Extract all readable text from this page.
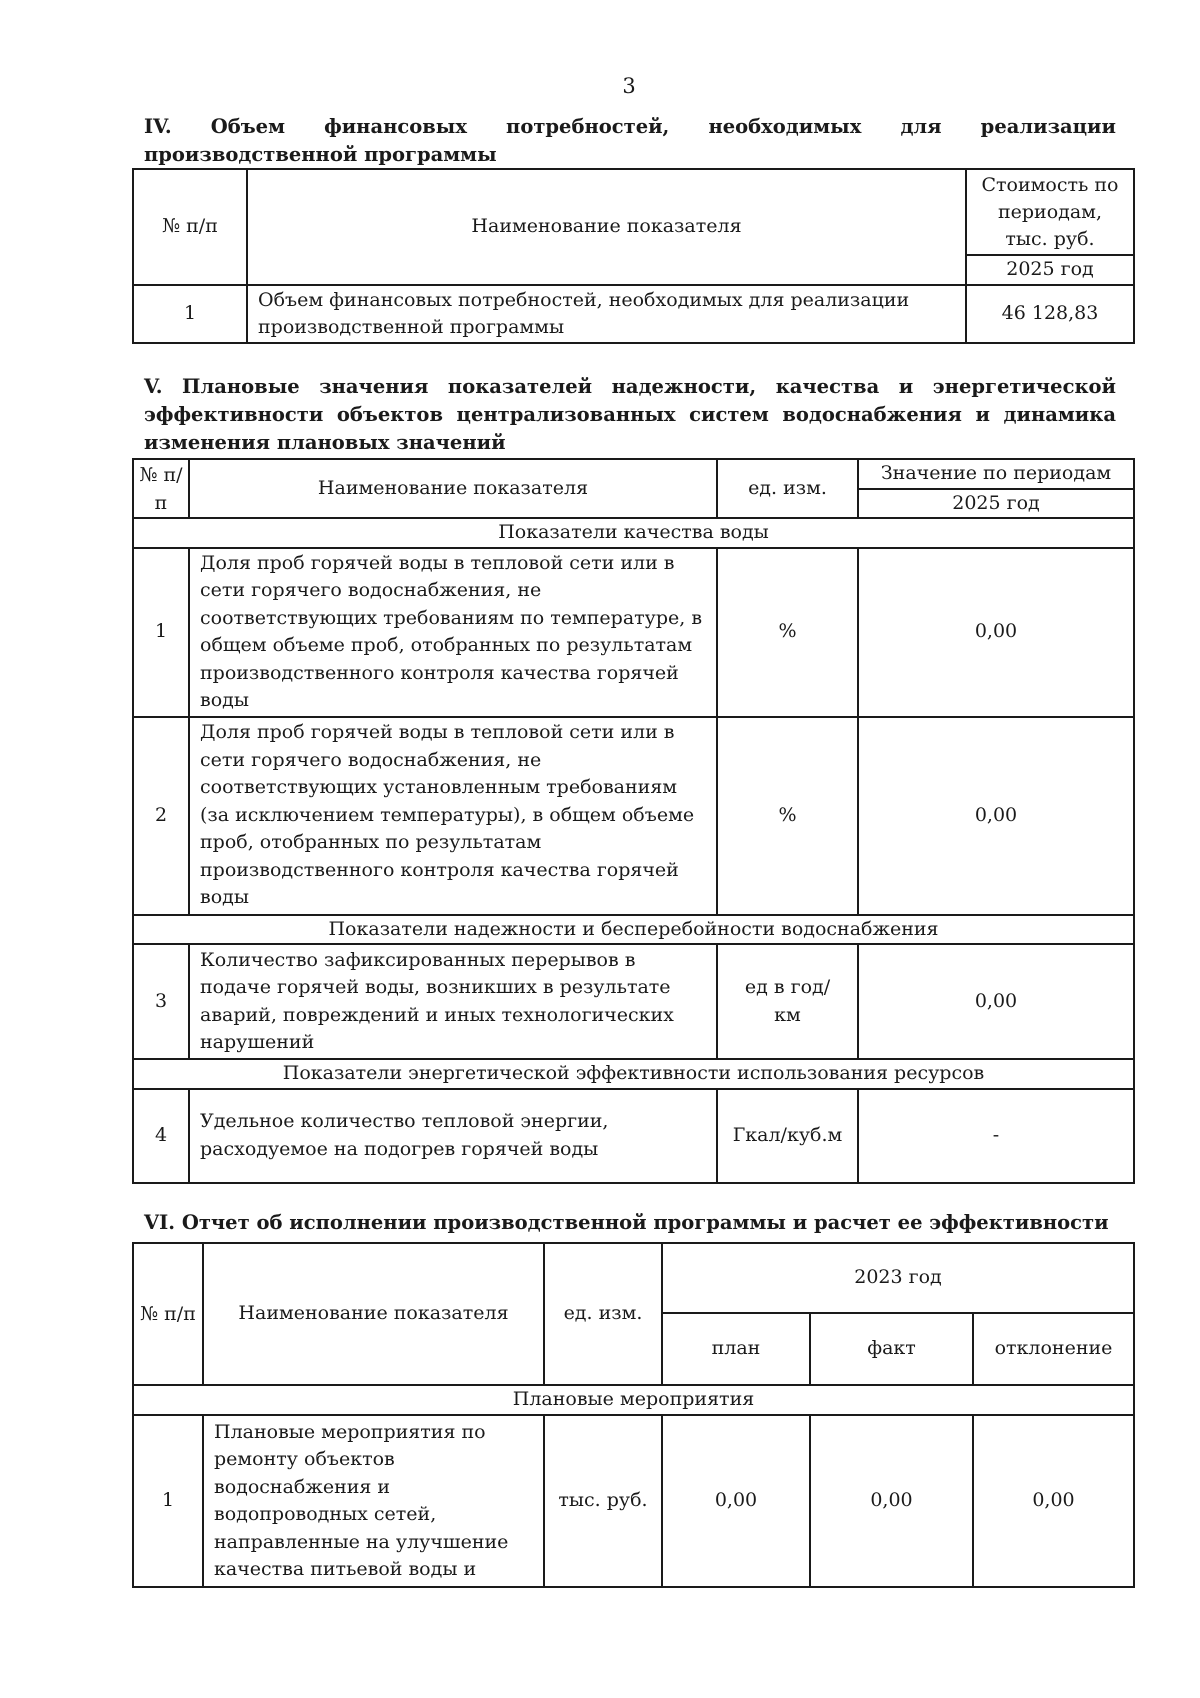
3
IV. Объем финансовых потребностей, необходимых для реализации производственной программы
№ п/п	Наименование показателя	Стоимость по
периодам,
тыс. руб.
		2025 год
1	Объем финансовых потребностей, необходимых для реализации производственной программы	46 128,83
V. Плановые значения показателей надежности, качества и энергетической эффективности объектов централизованных систем водоснабжения и динамика изменения плановых значений
№ п/п	Наименование показателя	ед. изм.	Значение по периодам
			2025 год
Показатели качества воды			
1	Доля проб горячей воды в тепловой сети или в сети горячего водоснабжения, не соответствующих требованиям по температуре, в общем объеме проб, отобранных по результатам производственного контроля качества горячей воды	%	0,00
2	Доля проб горячей воды в тепловой сети или в сети горячего водоснабжения, не соответствующих установленным требованиям (за исключением температуры), в общем объеме проб, отобранных по результатам производственного контроля качества горячей воды	%	0,00
Показатели надежности и бесперебойности водоснабжения			
3	Количество зафиксированных перерывов в подаче горячей воды, возникших в результате аварий, повреждений и иных технологических нарушений	ед в год/ км	0,00
Показатели энергетической эффективности использования ресурсов			
4	Удельное количество тепловой энергии, расходуемое на подогрев горячей воды	Гкал/куб.м	-
VI. Отчет об исполнении производственной программы и расчет ее эффективности
№ п/п	Наименование показателя	ед. изм.	2023 год		
			план	факт	отклонение
Плановые мероприятия					
1	Плановые мероприятия по ремонту объектов водоснабжения и водопроводных сетей, направленные на улучшение качества питьевой воды и	тыс. руб.	0,00	0,00	0,00
